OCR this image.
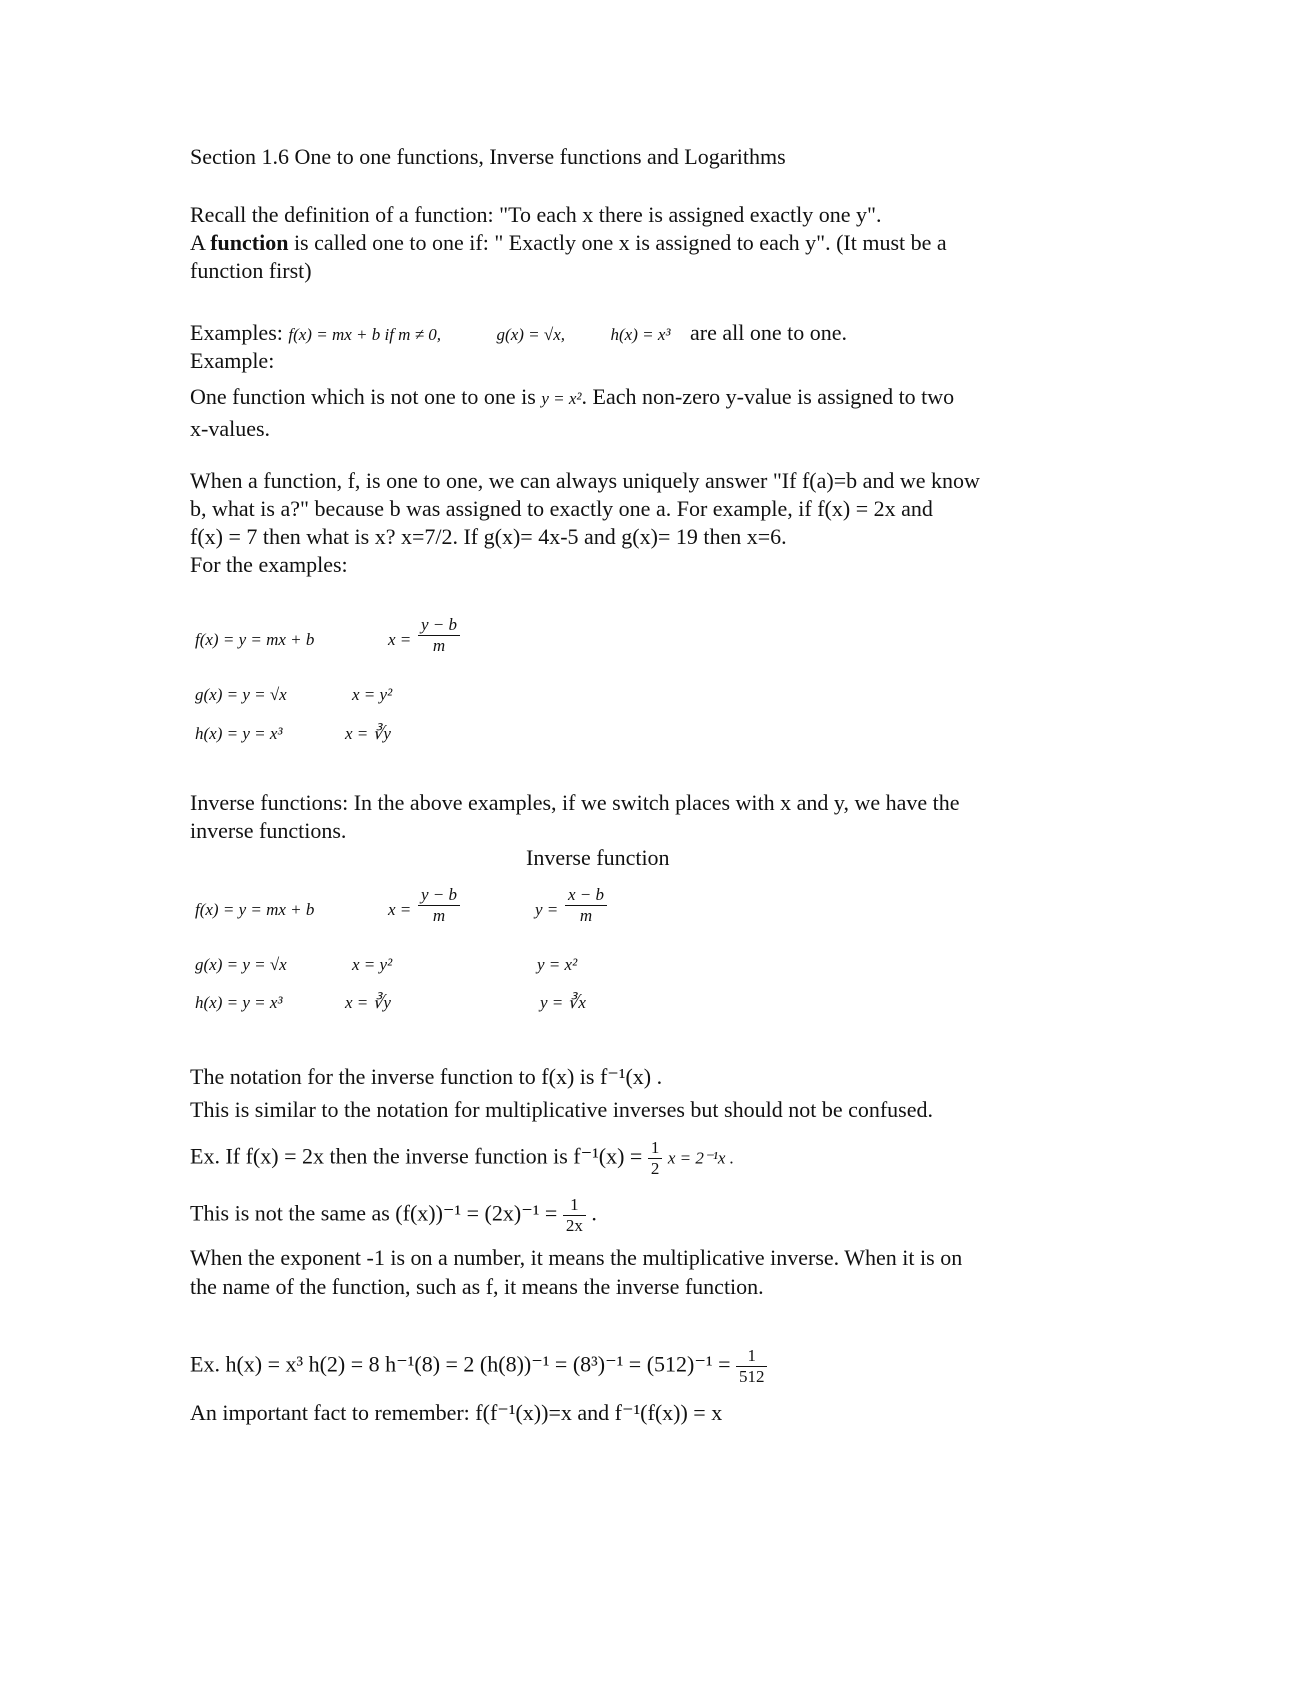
Section 1.6 One to one functions, Inverse functions and Logarithms
Recall the definition of a function: "To each x there is assigned exactly one y".
A function is called one to one if: " Exactly one x is assigned to each y". (It must be a
function first)
Examples: f(x) = mx + b if m ≠ 0,	g(x) = √x,	h(x) = x³ are all one to one.
Example:
One function which is not one to one is y = x². Each non-zero y-value is assigned to two
x-values.
When a function, f, is one to one, we can always uniquely answer "If f(a)=b and we know
b, what is a?" because b was assigned to exactly one a. For example, if f(x) = 2x and
f(x) = 7 then what is x? x=7/2. If g(x)= 4x-5 and g(x)= 19 then x=6.
For the examples:
f(x) = y = mx + b	$x = \frac{y - b}{m}$
g(x) = y = √x	x = y²
h(x) = y = x³	x = ∛y
Inverse functions: In the above examples, if we switch places with x and y, we have the
inverse functions.
Inverse function
f(x) = y = mx + b	$x = \frac{y - b}{m}$	$y = \frac{x - b}{m}$
g(x) = y = √x	x = y²	y = x²
h(x) = y = x³	x = ∛y	y = ∛x
The notation for the inverse function to f(x) is f⁻¹(x) .
This is similar to the notation for multiplicative inverses but should not be confused.
Ex. If f(x) = 2x then the inverse function is $f^{-1}(x) = \frac{1}{2}$ x = 2⁻¹x .
This is not the same as $(f(x))^{-1} = (2x)^{-1} = \frac{1}{2x}$ .
When the exponent -1 is on a number, it means the multiplicative inverse. When it is on
the name of the function, such as f, it means the inverse function.
Ex. h(x) = x³ h(2) = 8 h⁻¹(8) = 2 $(h(8))^{-1} = (8^3)^{-1} = (512)^{-1} = \frac{1}{512}$
An important fact to remember: f(f⁻¹(x))=x and f⁻¹(f(x)) = x
